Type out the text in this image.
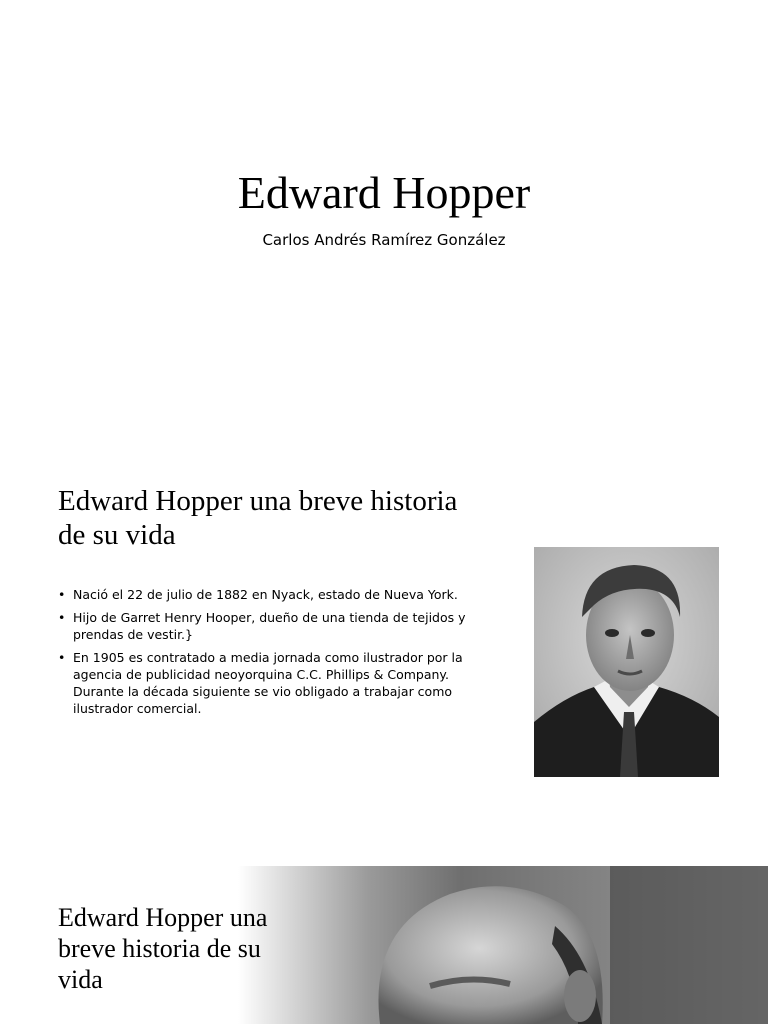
Edward Hopper
Carlos Andrés Ramírez González
Edward Hopper una breve historia de su vida
• Nació el 22 de julio de 1882 en Nyack, estado de Nueva York.
• Hijo de Garret Henry Hooper, dueño de una tienda de tejidos y prendas de vestir.}
• En 1905 es contratado a media jornada como ilustrador por la agencia de publicidad neoyorquina C.C. Phillips & Company. Durante la década siguiente se vio obligado a trabajar como ilustrador comercial.
Edward Hopper una breve historia de su vida
